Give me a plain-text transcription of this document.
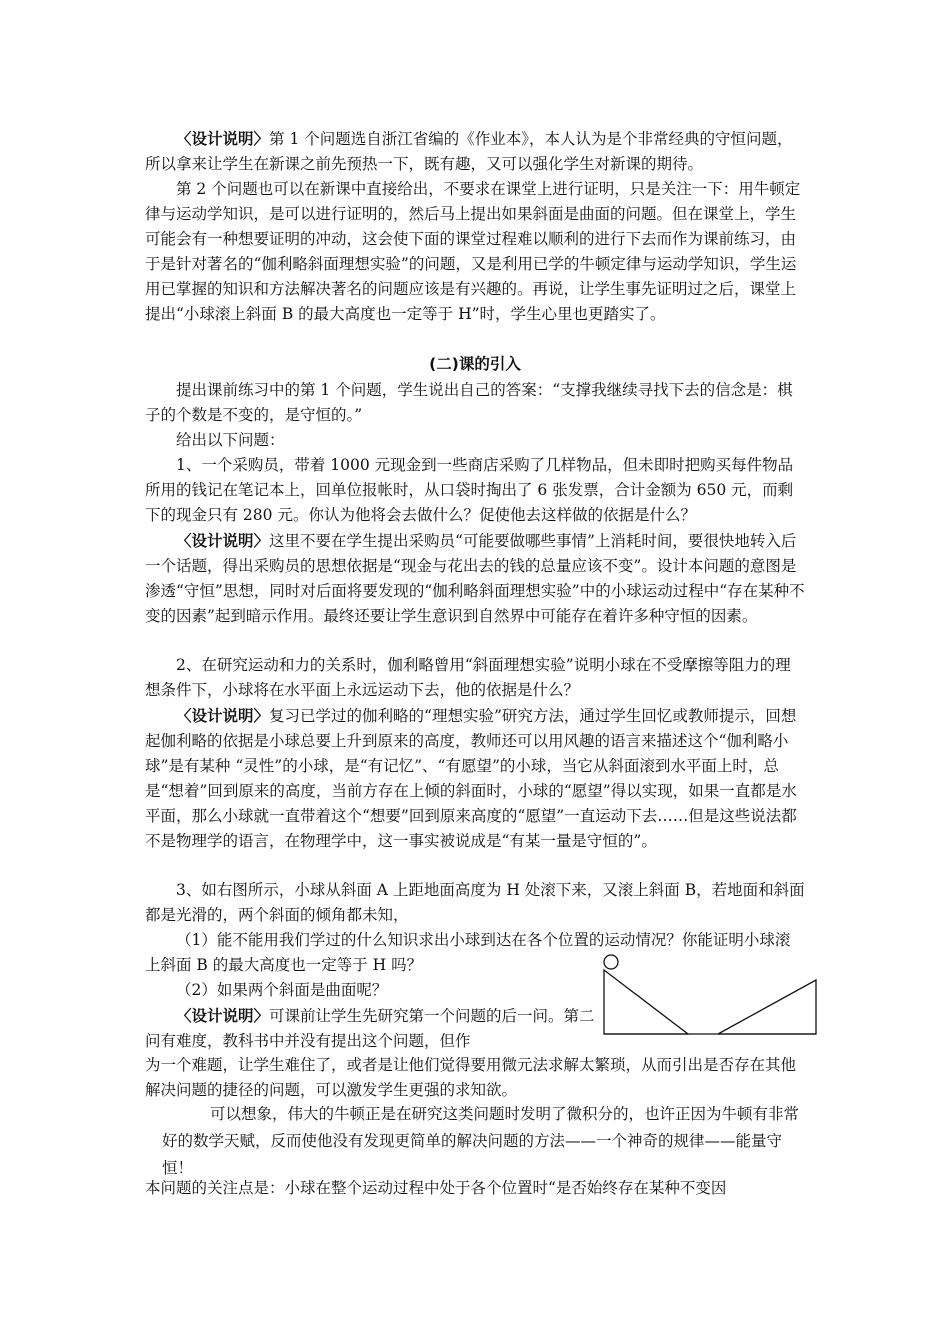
〈设计说明〉第 1 个问题选自浙江省编的《作业本》，本人认为是个非常经典的守恒问题，所以拿来让学生在新课之前先预热一下，既有趣，又可以强化学生对新课的期待。

第 2 个问题也可以在新课中直接给出，不要求在课堂上进行证明，只是关注一下：用牛顿定律与运动学知识，是可以进行证明的，然后马上提出如果斜面是曲面的问题。但在课堂上，学生可能会有一种想要证明的冲动，这会使下面的课堂过程难以顺利的进行下去而作为课前练习，由于是针对著名的“伽利略斜面理想实验”的问题，又是利用已学的牛顿定律与运动学知识，学生运用已掌握的知识和方法解决著名的问题应该是有兴趣的。再说，让学生事先证明过之后，课堂上提出“小球滚上斜面 B 的最大高度也一定等于 H”时，学生心里也更踏实了。

(二)课的引入

提出课前练习中的第 1 个问题，学生说出自己的答案：“支撑我继续寻找下去的信念是：棋子的个数是不变的，是守恒的。”

给出以下问题：

1、一个采购员，带着 1000 元现金到一些商店采购了几样物品，但未即时把购买每件物品所用的钱记在笔记本上，回单位报帐时，从口袋时掏出了 6 张发票，合计金额为 650 元，而剩下的现金只有 280 元。你认为他将会去做什么？促使他去这样做的依据是什么？

〈设计说明〉这里不要在学生提出采购员“可能要做哪些事情”上消耗时间，要很快地转入后一个话题，得出采购员的思想依据是“现金与花出去的钱的总量应该不变”。设计本问题的意图是渗透“守恒”思想，同时对后面将要发现的“伽利略斜面理想实验”中的小球运动过程中“存在某种不变的因素”起到暗示作用。最终还要让学生意识到自然界中可能存在着许多种守恒的因素。

2、在研究运动和力的关系时，伽利略曾用“斜面理想实验”说明小球在不受摩擦等阻力的理想条件下，小球将在水平面上永远运动下去，他的依据是什么？

〈设计说明〉复习已学过的伽利略的“理想实验”研究方法，通过学生回忆或教师提示，回想起伽利略的依据是小球总要上升到原来的高度，教师还可以用风趣的语言来描述这个“伽利略小球”是有某种 “灵性”的小球，是“有记忆”、“有愿望”的小球，当它从斜面滚到水平面上时，总是“想着”回到原来的高度，当前方存在上倾的斜面时，小球的“愿望”得以实现，如果一直都是水平面，那么小球就一直带着这个“想要”回到原来高度的“愿望”一直运动下去……但是这些说法都不是物理学的语言，在物理学中，这一事实被说成是“有某一量是守恒的”。

3、如右图所示，小球从斜面 A 上距地面高度为 H 处滚下来，又滚上斜面 B，若地面和斜面都是光滑的，两个斜面的倾角都未知，

（1）能不能用我们学过的什么知识求出小球到达在各个位置的运动情况？你能证明小球滚上斜面 B 的最大高度也一定等于 H 吗？

（2）如果两个斜面是曲面呢？

〈设计说明〉可课前让学生先研究第一个问题的后一问。第二问有难度，教科书中并没有提出这个问题，但作

为一个难题，让学生难住了，或者是让他们觉得要用微元法求解太繁琐，从而引出是否存在其他解决问题的捷径的问题，可以激发学生更强的求知欲。

可以想象，伟大的牛顿正是在研究这类问题时发明了微积分的，也许正因为牛顿有非常好的数学天赋，反而使他没有发现更简单的解决问题的方法——一个神奇的规律——能量守恒！

本问题的关注点是：小球在整个运动过程中处于各个位置时“是否始终存在某种不变因
